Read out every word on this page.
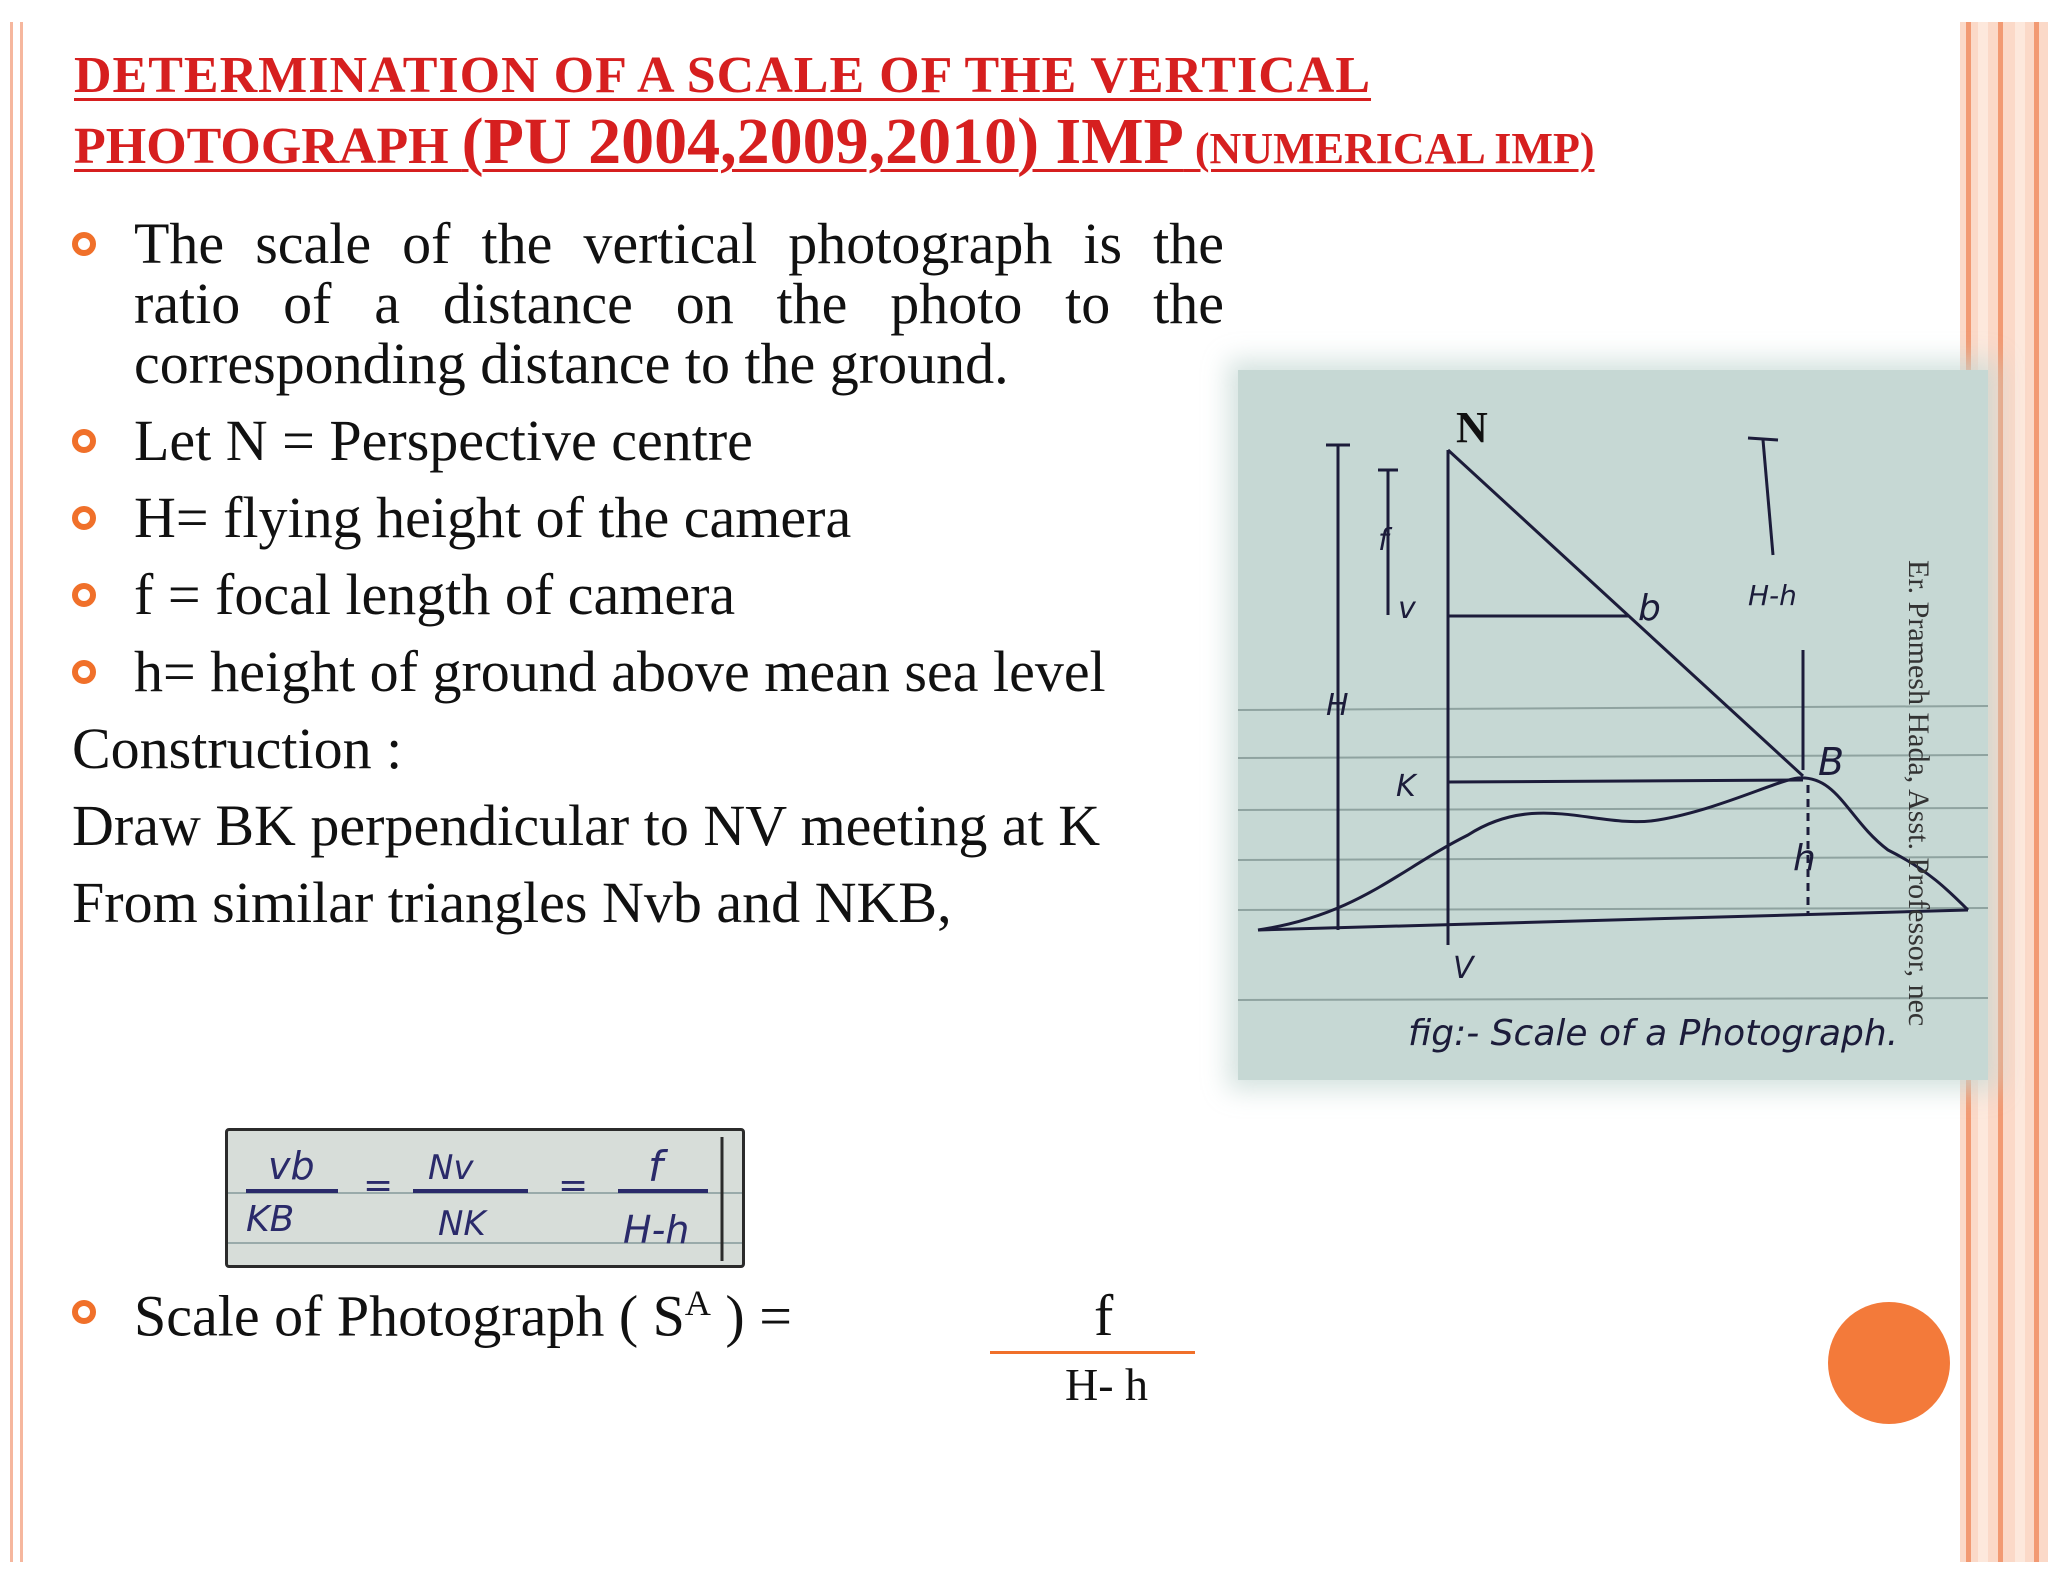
DETERMINATION OF A SCALE OF THE VERTICAL
PHOTOGRAPH (PU 2004,2009,2010) IMP (NUMERICAL IMP)
The scale of the vertical photograph is the ratio of a distance on the photo to the corresponding distance to the ground.
Let N = Perspective centre
H= flying height of the camera
f = focal length of camera
h= height of ground above mean sea level
Construction :
Draw BK perpendicular to NV meeting at K
From similar triangles Nvb and NKB,
vb
KB
= Nv
NK
= f
H-h
Scale of Photograph ( $S^A$ ) =	f
H- h
N
f
v	b	H-h
H
K
B
h
V
fig:- Scale of a Photograph.
Er. Pramesh Hada, Asst. Professor, nec
